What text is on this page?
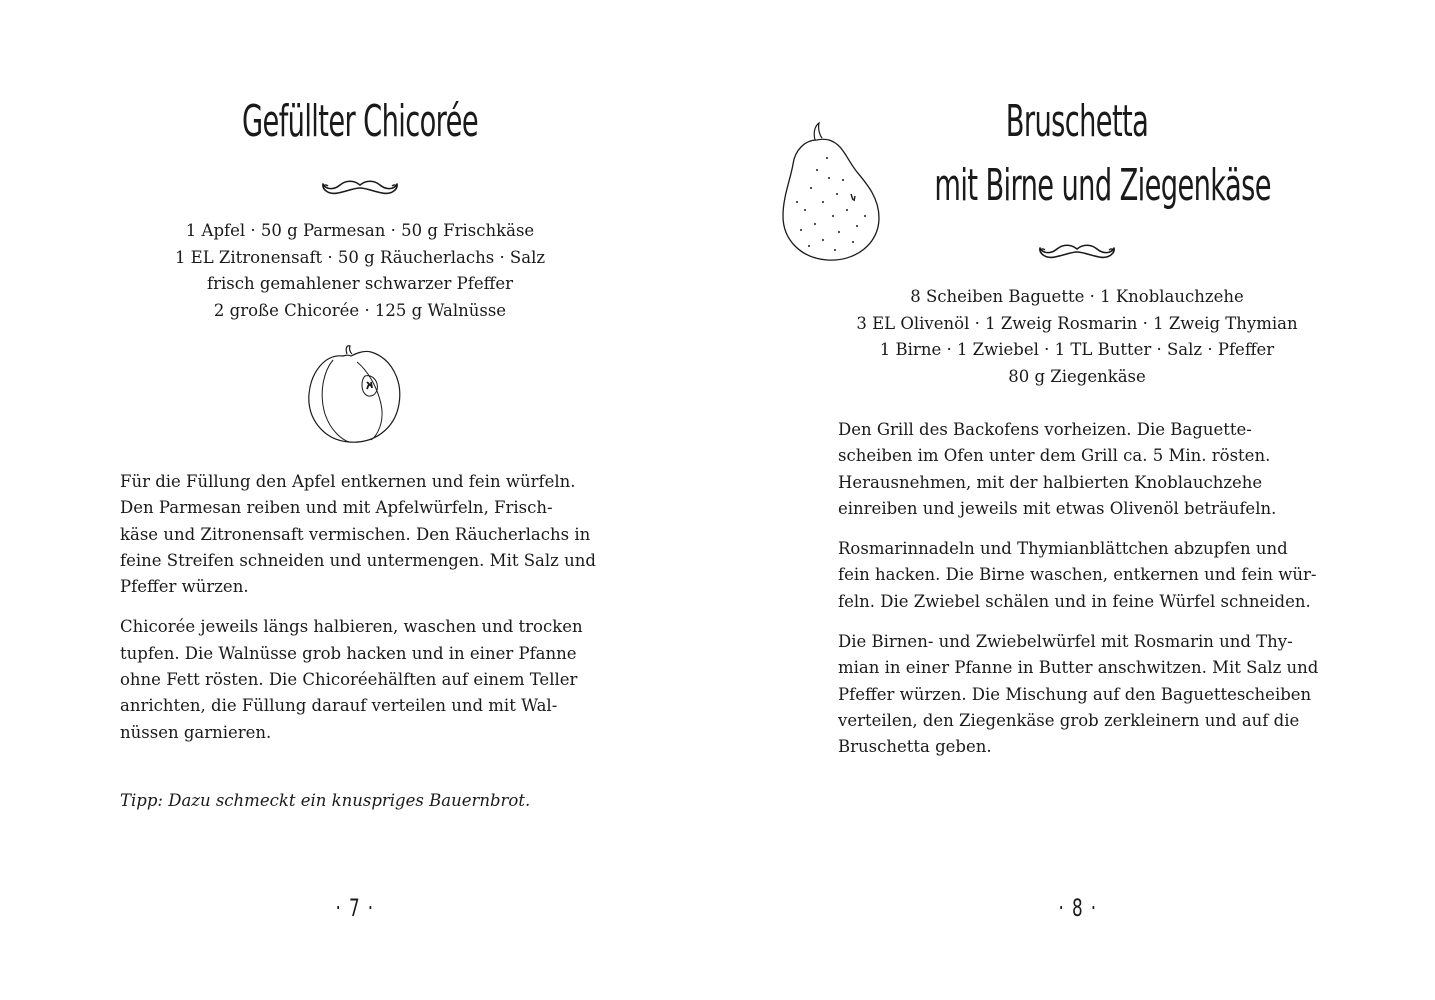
Gefüllter Chicorée
1 Apfel · 50 g Parmesan · 50 g Frischkäse
1 EL Zitronensaft · 50 g Räucherlachs · Salz
frisch gemahlener schwarzer Pfeffer
2 große Chicorée · 125 g Walnüsse

Für die Füllung den Apfel entkernen und fein würfeln.
Den Parmesan reiben und mit Apfelwürfeln, Frisch-
käse und Zitronensaft vermischen. Den Räucherlachs in
feine Streifen schneiden und untermengen. Mit Salz und
Pfeffer würzen.

Chicorée jeweils längs halbieren, waschen und trocken
tupfen. Die Walnüsse grob hacken und in einer Pfanne
ohne Fett rösten. Die Chicoréehälften auf einem Teller
anrichten, die Füllung darauf verteilen und mit Wal-
nüssen garnieren.

Tipp: Dazu schmeckt ein knuspriges Bauernbrot.
· 7 ·
Bruschetta
mit Birne und Ziegenkäse
8 Scheiben Baguette · 1 Knoblauchzehe
3 EL Olivenöl · 1 Zweig Rosmarin · 1 Zweig Thymian
1 Birne · 1 Zwiebel · 1 TL Butter · Salz · Pfeffer
80 g Ziegenkäse

Den Grill des Backofens vorheizen. Die Baguette-
scheiben im Ofen unter dem Grill ca. 5 Min. rösten.
Herausnehmen, mit der halbierten Knoblauchzehe
einreiben und jeweils mit etwas Olivenöl beträufeln.

Rosmarinnadeln und Thymianblättchen abzupfen und
fein hacken. Die Birne waschen, entkernen und fein wür-
feln. Die Zwiebel schälen und in feine Würfel schneiden.

Die Birnen- und Zwiebelwürfel mit Rosmarin und Thy-
mian in einer Pfanne in Butter anschwitzen. Mit Salz und
Pfeffer würzen. Die Mischung auf den Baguettescheiben
verteilen, den Ziegenkäse grob zerkleinern und auf die
Bruschetta geben.

· 8 ·
